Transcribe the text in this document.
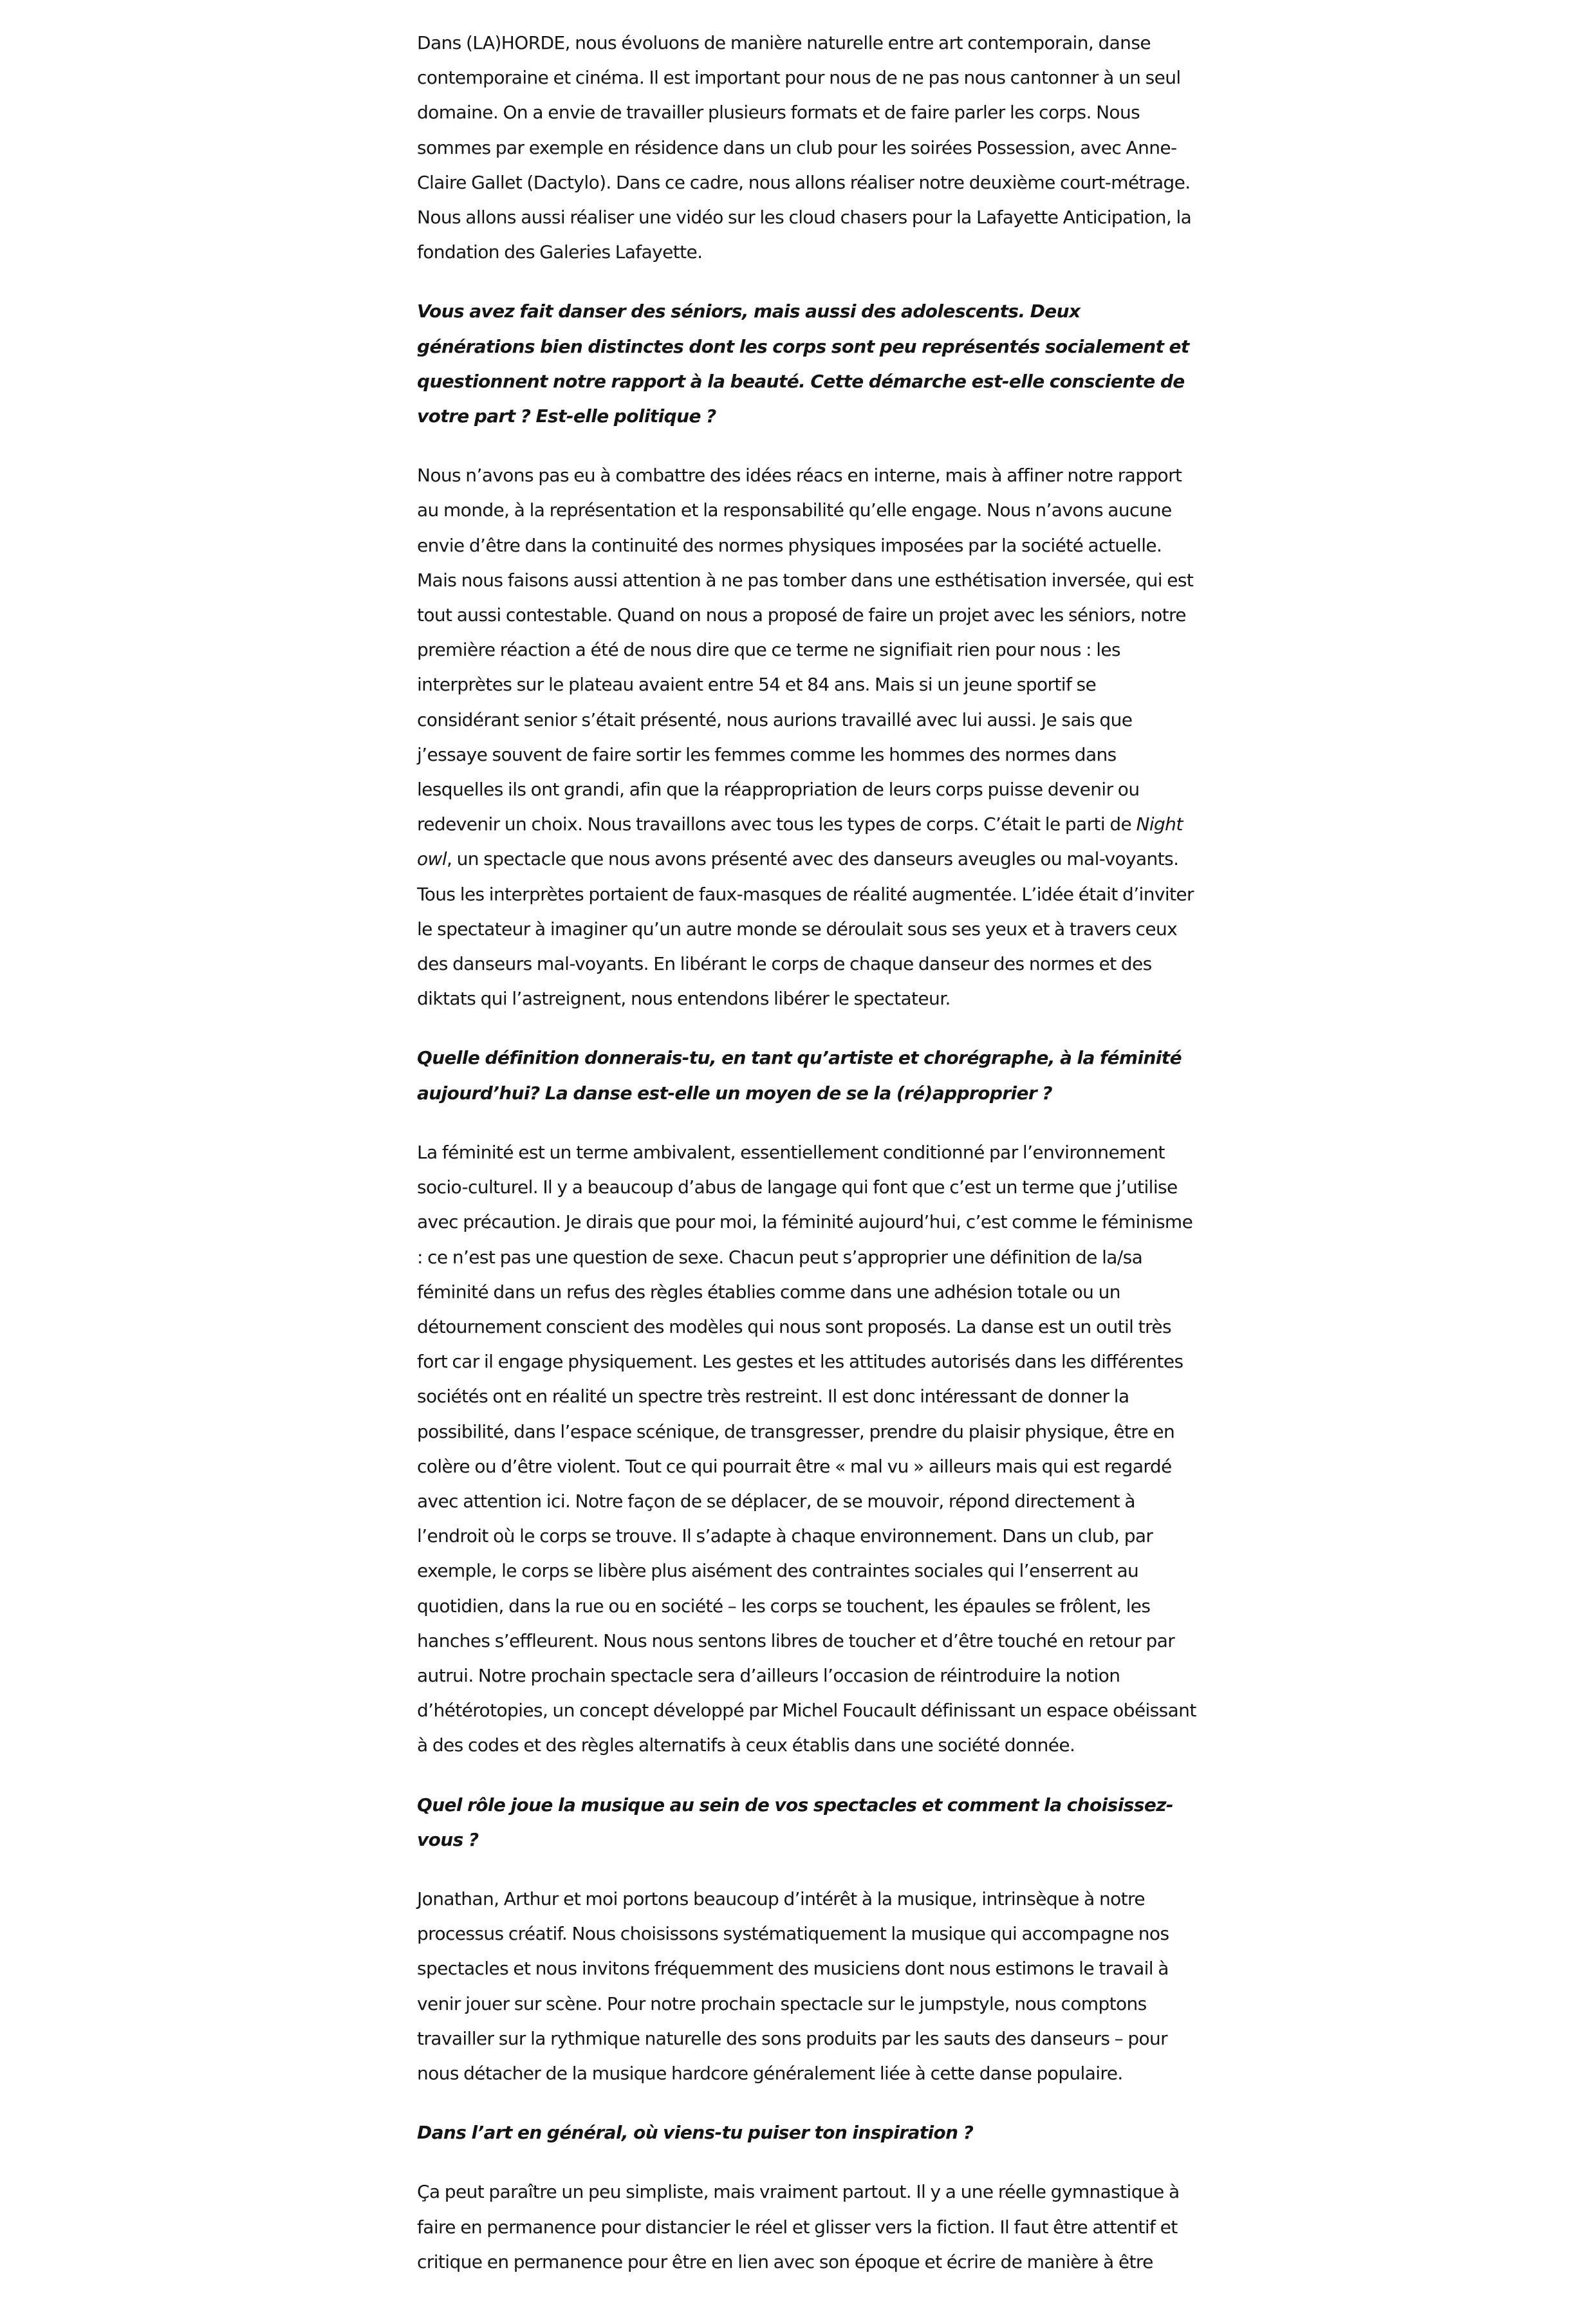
Dans (LA)HORDE, nous évoluons de manière naturelle entre art contemporain, danse contemporaine et cinéma. Il est important pour nous de ne pas nous cantonner à un seul domaine. On a envie de travailler plusieurs formats et de faire parler les corps. Nous sommes par exemple en résidence dans un club pour les soirées Possession, avec Anne-Claire Gallet (Dactylo). Dans ce cadre, nous allons réaliser notre deuxième court-métrage. Nous allons aussi réaliser une vidéo sur les cloud chasers pour la Lafayette Anticipation, la fondation des Galeries Lafayette.

Vous avez fait danser des séniors, mais aussi des adolescents. Deux générations bien distinctes dont les corps sont peu représentés socialement et questionnent notre rapport à la beauté. Cette démarche est-elle consciente de votre part ? Est-elle politique ?

Nous n’avons pas eu à combattre des idées réacs en interne, mais à affiner notre rapport au monde, à la représentation et la responsabilité qu’elle engage. Nous n’avons aucune envie d’être dans la continuité des normes physiques imposées par la société actuelle. Mais nous faisons aussi attention à ne pas tomber dans une esthétisation inversée, qui est tout aussi contestable. Quand on nous a proposé de faire un projet avec les séniors, notre première réaction a été de nous dire que ce terme ne signifiait rien pour nous : les interprètes sur le plateau avaient entre 54 et 84 ans. Mais si un jeune sportif se considérant senior s’était présenté, nous aurions travaillé avec lui aussi. Je sais que j’essaye souvent de faire sortir les femmes comme les hommes des normes dans lesquelles ils ont grandi, afin que la réappropriation de leurs corps puisse devenir ou redevenir un choix. Nous travaillons avec tous les types de corps. C’était le parti de Night owl, un spectacle que nous avons présenté avec des danseurs aveugles ou mal-voyants. Tous les interprètes portaient de faux-masques de réalité augmentée. L’idée était d’inviter le spectateur à imaginer qu’un autre monde se déroulait sous ses yeux et à travers ceux des danseurs mal-voyants. En libérant le corps de chaque danseur des normes et des diktats qui l’astreignent, nous entendons libérer le spectateur.

Quelle définition donnerais-tu, en tant qu’artiste et chorégraphe, à la féminité aujourd’hui? La danse est-elle un moyen de se la (ré)approprier ?

La féminité est un terme ambivalent, essentiellement conditionné par l’environnement socio-culturel. Il y a beaucoup d’abus de langage qui font que c’est un terme que j’utilise avec précaution. Je dirais que pour moi, la féminité aujourd’hui, c’est comme le féminisme : ce n’est pas une question de sexe. Chacun peut s’approprier une définition de la/sa féminité dans un refus des règles établies comme dans une adhésion totale ou un détournement conscient des modèles qui nous sont proposés. La danse est un outil très fort car il engage physiquement. Les gestes et les attitudes autorisés dans les différentes sociétés ont en réalité un spectre très restreint. Il est donc intéressant de donner la possibilité, dans l’espace scénique, de transgresser, prendre du plaisir physique, être en colère ou d’être violent. Tout ce qui pourrait être « mal vu » ailleurs mais qui est regardé avec attention ici. Notre façon de se déplacer, de se mouvoir, répond directement à l’endroit où le corps se trouve. Il s’adapte à chaque environnement. Dans un club, par exemple, le corps se libère plus aisément des contraintes sociales qui l’enserrent au quotidien, dans la rue ou en société – les corps se touchent, les épaules se frôlent, les hanches s’effleurent. Nous nous sentons libres de toucher et d’être touché en retour par autrui. Notre prochain spectacle sera d’ailleurs l’occasion de réintroduire la notion d’hétérotopies, un concept développé par Michel Foucault définissant un espace obéissant à des codes et des règles alternatifs à ceux établis dans une société donnée.

Quel rôle joue la musique au sein de vos spectacles et comment la choisissez-vous ?

Jonathan, Arthur et moi portons beaucoup d’intérêt à la musique, intrinsèque à notre processus créatif. Nous choisissons systématiquement la musique qui accompagne nos spectacles et nous invitons fréquemment des musiciens dont nous estimons le travail à venir jouer sur scène. Pour notre prochain spectacle sur le jumpstyle, nous comptons travailler sur la rythmique naturelle des sons produits par les sauts des danseurs – pour nous détacher de la musique hardcore généralement liée à cette danse populaire.

Dans l’art en général, où viens-tu puiser ton inspiration ?

Ça peut paraître un peu simpliste, mais vraiment partout. Il y a une réelle gymnastique à faire en permanence pour distancier le réel et glisser vers la fiction. Il faut être attentif et critique en permanence pour être en lien avec son époque et écrire de manière à être
